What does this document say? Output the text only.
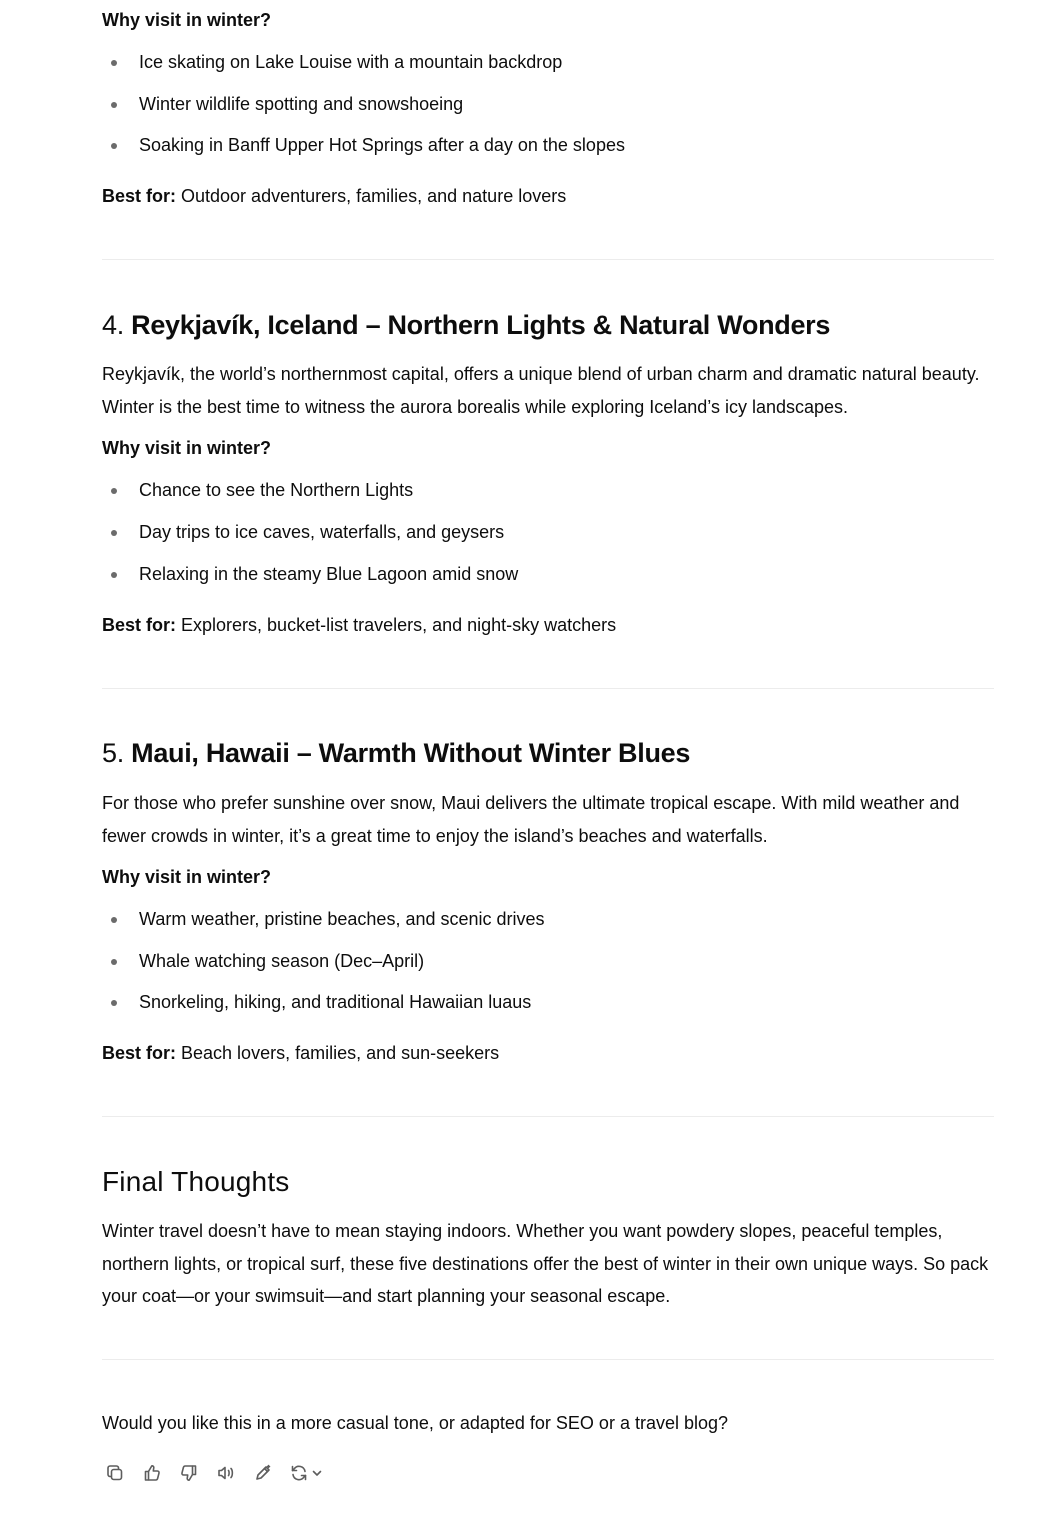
Why visit in winter?

Ice skating on Lake Louise with a mountain backdrop
Winter wildlife spotting and snowshoeing
Soaking in Banff Upper Hot Springs after a day on the slopes

Best for: Outdoor adventurers, families, and nature lovers

4. Reykjavík, Iceland – Northern Lights & Natural Wonders

Reykjavík, the world’s northernmost capital, offers a unique blend of urban charm and dramatic natural beauty. Winter is the best time to witness the aurora borealis while exploring Iceland’s icy landscapes.

Why visit in winter?

Chance to see the Northern Lights
Day trips to ice caves, waterfalls, and geysers
Relaxing in the steamy Blue Lagoon amid snow

Best for: Explorers, bucket-list travelers, and night-sky watchers

5. Maui, Hawaii – Warmth Without Winter Blues

For those who prefer sunshine over snow, Maui delivers the ultimate tropical escape. With mild weather and fewer crowds in winter, it’s a great time to enjoy the island’s beaches and waterfalls.

Why visit in winter?

Warm weather, pristine beaches, and scenic drives
Whale watching season (Dec–April)
Snorkeling, hiking, and traditional Hawaiian luaus

Best for: Beach lovers, families, and sun-seekers

Final Thoughts

Winter travel doesn’t have to mean staying indoors. Whether you want powdery slopes, peaceful temples, northern lights, or tropical surf, these five destinations offer the best of winter in their own unique ways. So pack your coat—or your swimsuit—and start planning your seasonal escape.

Would you like this in a more casual tone, or adapted for SEO or a travel blog?
